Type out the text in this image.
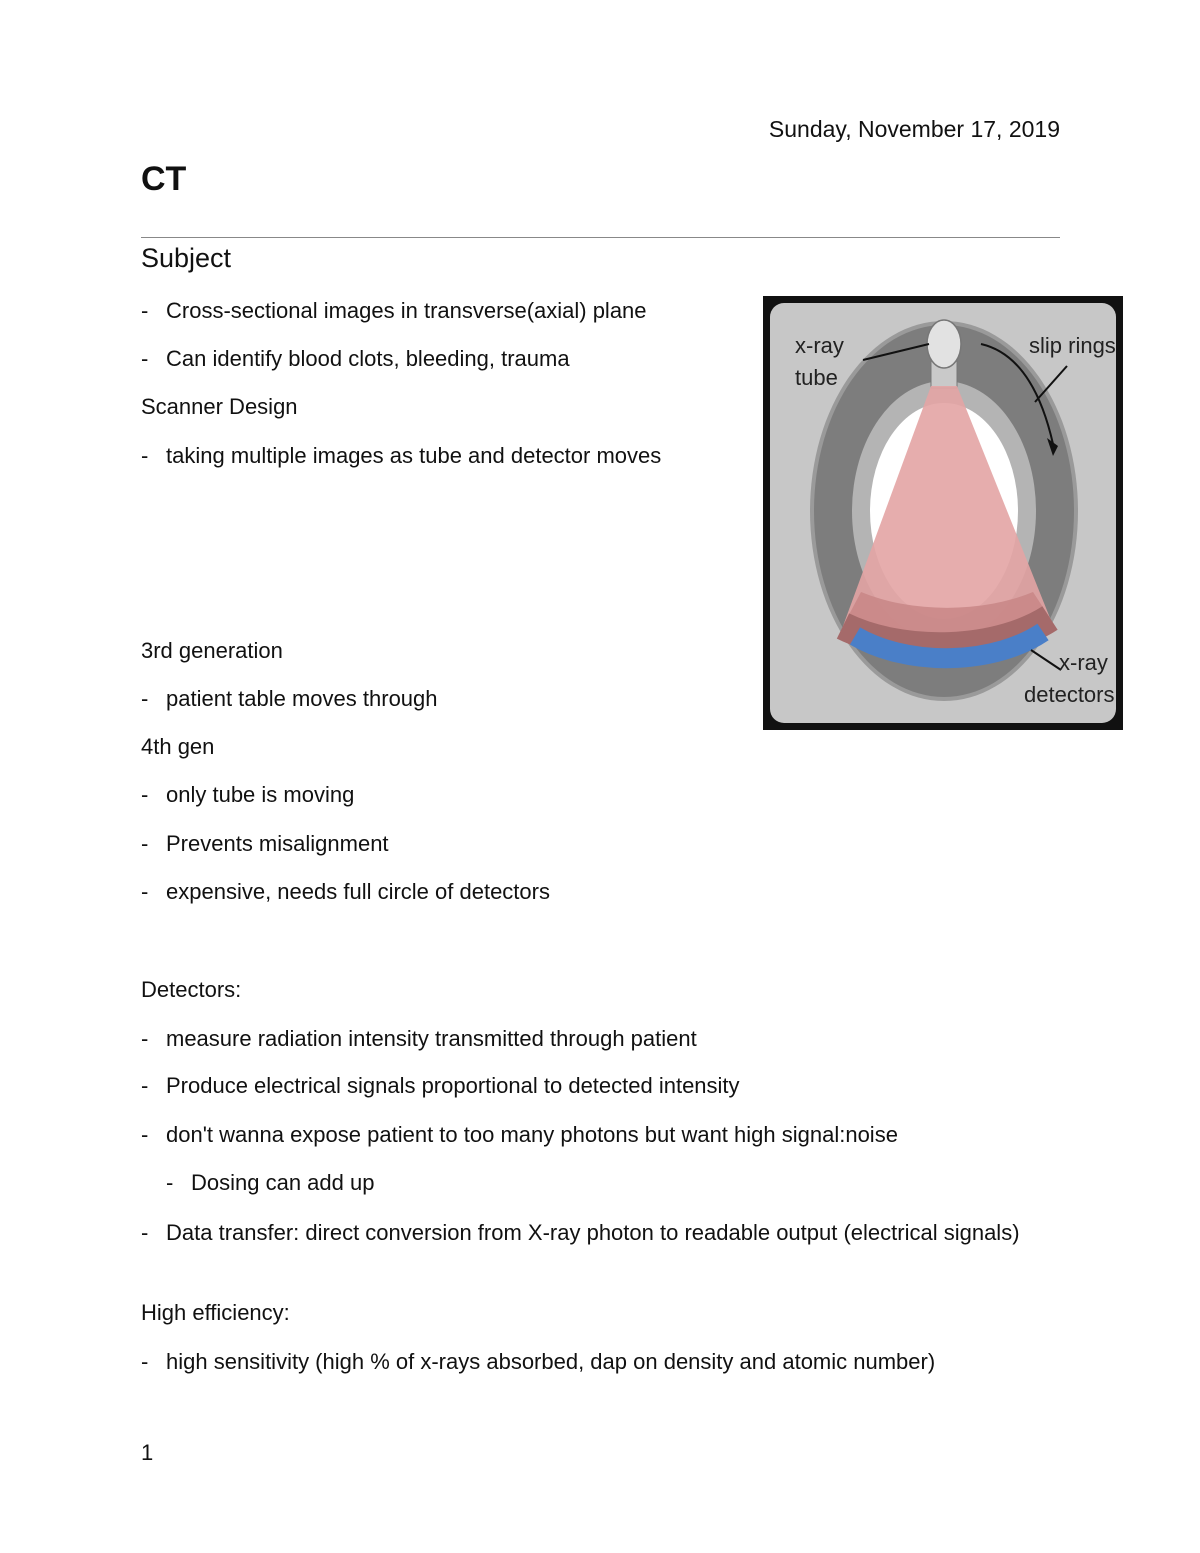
Sunday, November 17, 2019
CT
Subject
- Cross-sectional images in transverse(axial) plane
- Can identify blood clots, bleeding, trauma
Scanner Design
- taking multiple images as tube and detector moves
3rd generation
- patient table moves through
4th gen
- only tube is moving
- Prevents misalignment
- expensive, needs full circle of detectors
Detectors:
- measure radiation intensity transmitted through patient
- Produce electrical signals proportional to detected intensity
- don't wanna expose patient to too many photons but want high signal:noise
- Dosing can add up
- Data transfer: direct conversion from X-ray photon to readable output (electrical signals)
High efficiency:
- high sensitivity (high % of x-rays absorbed, dap on density and atomic number)
x-ray
tube
slip rings
x-ray
detectors
1
